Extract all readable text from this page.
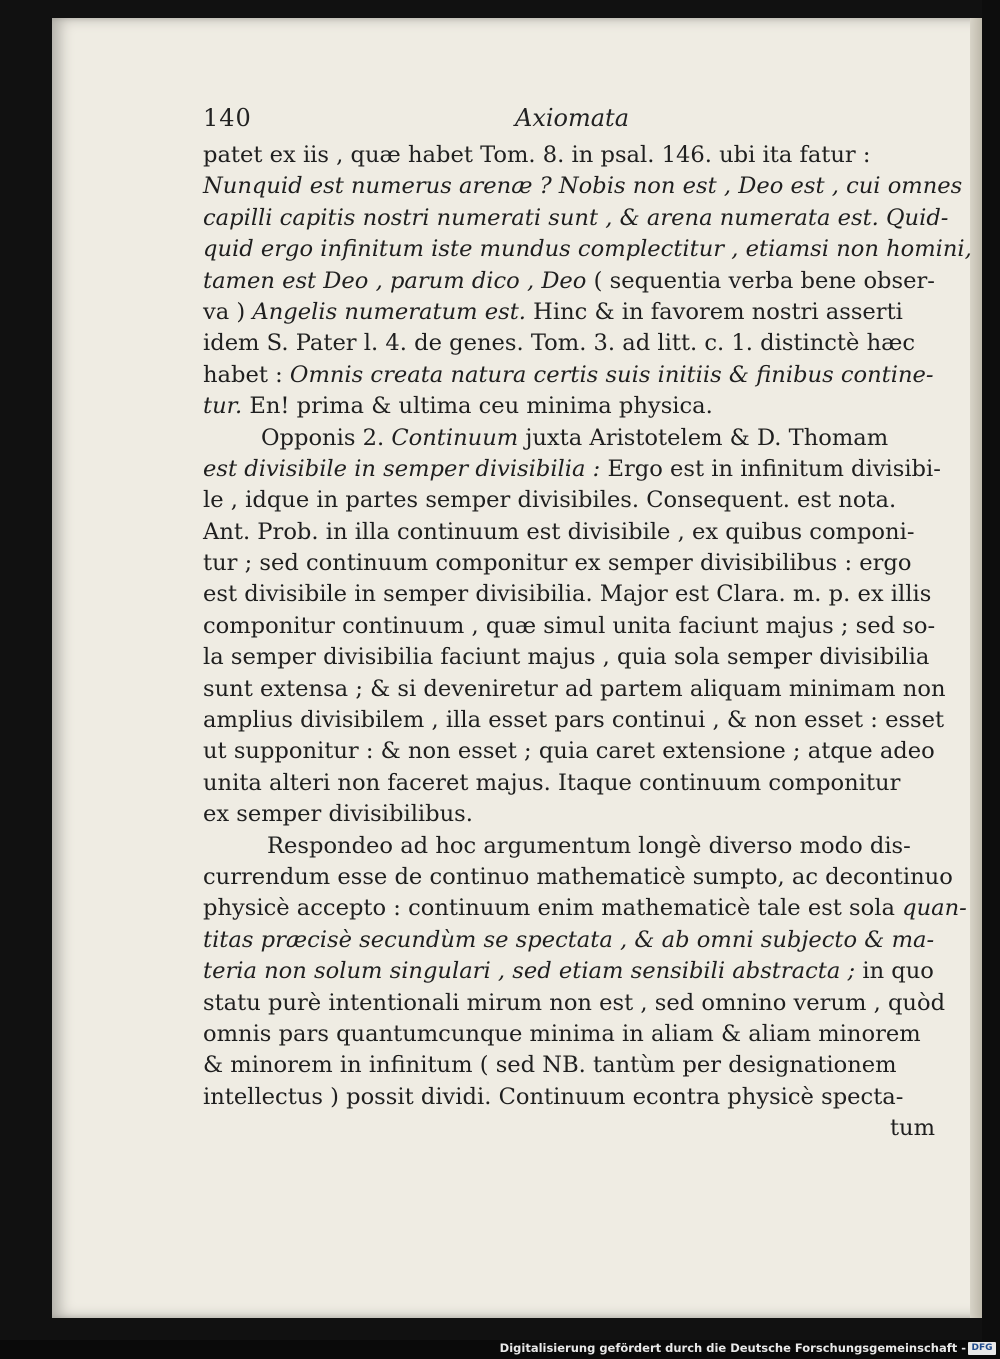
140	Axiomata
patet ex iis , quæ habet Tom. 8. in psal. 146. ubi ita fatur :
Nunquid est numerus arenæ ? Nobis non est , Deo est , cui omnes
capilli capitis nostri numerati sunt , & arena numerata est. Quid-
quid ergo infinitum iste mundus complectitur , etiamsi non homini,
tamen est Deo , parum dico , Deo ( sequentia verba bene obser-
va ) Angelis numeratum est. Hinc & in favorem nostri asserti
idem S. Pater l. 4. de genes. Tom. 3. ad litt. c. 1. distinctè hæc
habet : Omnis creata natura certis suis initiis & finibus contine-
tur. En! prima & ultima ceu minima physica.
Opponis 2. Continuum juxta Aristotelem & D. Thomam
est divisibile in semper divisibilia : Ergo est in infinitum divisibi-
le , idque in partes semper divisibiles. Consequent. est nota.
Ant. Prob. in illa continuum est divisibile , ex quibus componi-
tur ; sed continuum componitur ex semper divisibilibus : ergo
est divisibile in semper divisibilia. Major est Clara. m. p. ex illis
componitur continuum , quæ simul unita faciunt majus ; sed so-
la semper divisibilia faciunt majus , quia sola semper divisibilia
sunt extensa ; & si deveniretur ad partem aliquam minimam non
amplius divisibilem , illa esset pars continui , & non esset : esset
ut supponitur : & non esset ; quia caret extensione ; atque adeo
unita alteri non faceret majus. Itaque continuum componitur
ex semper divisibilibus.
Respondeo ad hoc argumentum longè diverso modo dis-
currendum esse de continuo mathematicè sumpto, ac decontinuo
physicè accepto : continuum enim mathematicè tale est sola quan-
titas præcisè secundùm se spectata , & ab omni subjecto & ma-
teria non solum singulari , sed etiam sensibili abstracta ; in quo
statu purè intentionali mirum non est , sed omnino verum , quòd
omnis pars quantumcunque minima in aliam & aliam minorem
& minorem in infinitum ( sed NB. tantùm per designationem
intellectus ) possit dividi. Continuum econtra physicè specta-
tum
Digitalisierung gefördert durch die Deutsche Forschungsgemeinschaft - DFG
